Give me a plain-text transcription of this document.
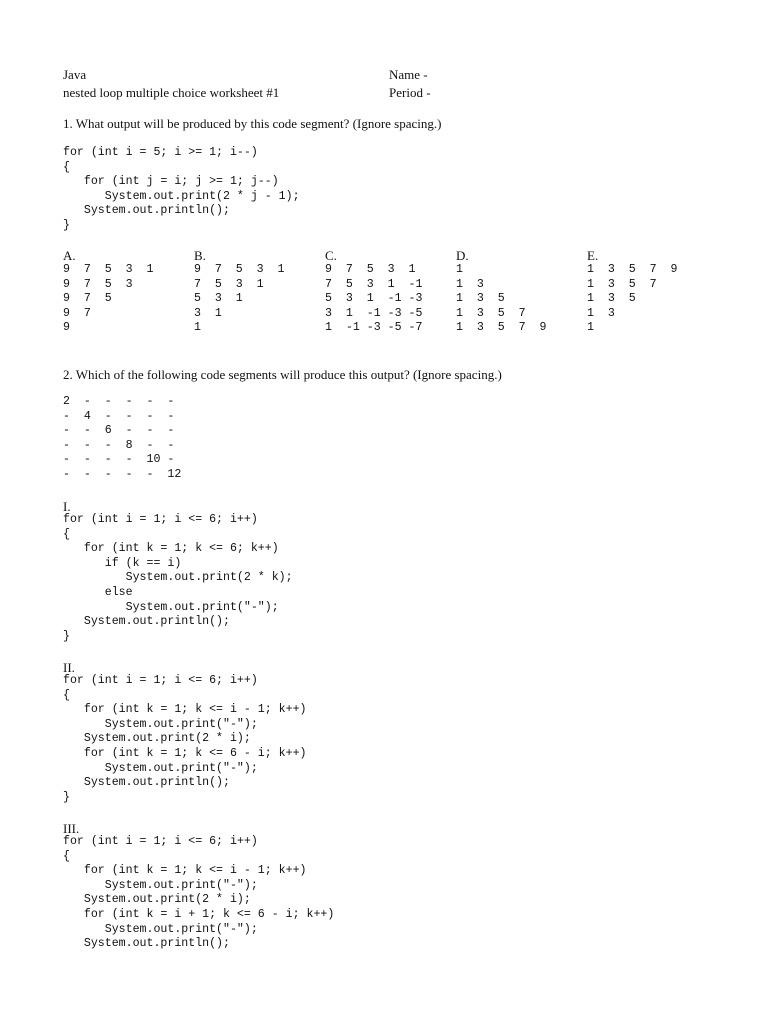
Java
nested loop multiple choice worksheet #1
Name -
Period -
1. What output will be produced by this code segment? (Ignore spacing.)
for (int i = 5; i >= 1; i--)
{
for (int j = i; j >= 1; j--)
System.out.print(2 * j - 1);
System.out.println();
}
A.
9  7  5  3  1
9  7  5  3
9  7  5
9  7
9
B.
9  7  5  3  1
7  5  3  1
5  3  1
3  1
1
C.
9  7  5  3  1
7  5  3  1  -1
5  3  1  -1 -3
3  1  -1 -3 -5
1  -1 -3 -5 -7
D.
1
1  3
1  3  5
1  3  5  7
1  3  5  7  9
E.
1  3  5  7  9
1  3  5  7
1  3  5
1  3
1
2. Which of the following code segments will produce this output? (Ignore spacing.)
2  -  -  -  -  -
-  4  -  -  -  -
-  -  6  -  -  -
-  -  -  8  -  -
-  -  -  -  10 -
-  -  -  -  -  12
I.
for (int i = 1; i <= 6; i++)
{
for (int k = 1; k <= 6; k++)
if (k == i)
System.out.print(2 * k);
else
System.out.print("-");
System.out.println();
}
II.
for (int i = 1; i <= 6; i++)
{
for (int k = 1; k <= i - 1; k++)
System.out.print("-");
System.out.print(2 * i);
for (int k = 1; k <= 6 - i; k++)
System.out.print("-");
System.out.println();
}
III.
for (int i = 1; i <= 6; i++)
{
for (int k = 1; k <= i - 1; k++)
System.out.print("-");
System.out.print(2 * i);
for (int k = i + 1; k <= 6 - i; k++)
System.out.print("-");
System.out.println();
